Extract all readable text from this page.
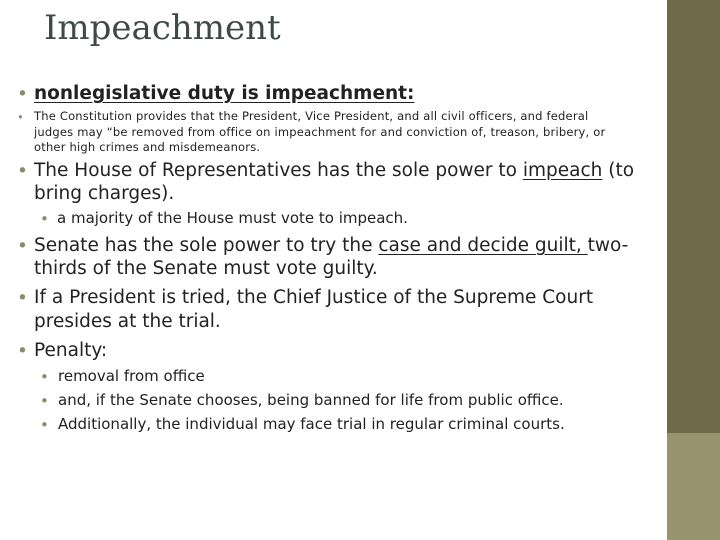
Impeachment
• nonlegislative duty is impeachment:
• The Constitution provides that the President, Vice President, and all civil officers, and federal
judges may “be removed from office on impeachment for and conviction of, treason, bribery, or
other high crimes and misdemeanors.
• The House of Representatives has the sole power to impeach (to
bring charges).
• a majority of the House must vote to impeach.
• Senate has the sole power to try the case and decide guilt, two-
thirds of the Senate must vote guilty.
• If a President is tried, the Chief Justice of the Supreme Court
presides at the trial.
• Penalty:
• removal from office
• and, if the Senate chooses, being banned for life from public office.
• Additionally, the individual may face trial in regular criminal courts.
